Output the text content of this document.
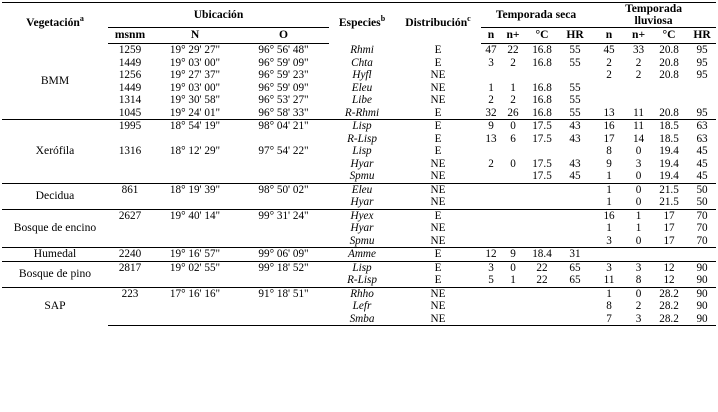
Vegetación$^a$	Ubicación			Especies$^b$	Distribución$^c$	Temporada seca				Temporada
lluviosa			
	msnm	N	O			n	n+	°C	HR	n	n+	°C	HR
BMM	1259	19° 29' 27"	96° 56' 48"	Rhmi	E	47	22	16.8	55	45	33	20.8	95
	1449	19° 03' 00"	96° 59' 09"	Chta	E	3	2	16.8	55	2	2	20.8	95
	1256	19° 27' 37"	96° 59' 23"	Hyfl	NE					2	2	20.8	95
	1449	19° 03' 00"	96° 59' 09"	Eleu	NE	1	1	16.8	55				
	1314	19° 30' 58"	96° 53' 27"	Libe	NE	2	2	16.8	55				
	1045	19° 24' 01"	96° 58' 33"	R-Rhmi	E	32	26	16.8	55	13	11	20.8	95
Xerófila	1995	18° 54' 19"	98° 04' 21"	Lisp	E	9	0	17.5	43	16	11	18.5	63
				R-Lisp	E	13	6	17.5	43	17	14	18.5	63
	1316	18° 12' 29"	97° 54' 22"	Lisp	E					8	0	19.4	45
				Hyar	NE	2	0	17.5	43	9	3	19.4	45
				Spmu	NE			17.5	45	1	0	19.4	45
Decidua	861	18° 19' 39"	98° 50' 02"	Eleu	NE					1	0	21.5	50
				Hyar	NE					1	0	21.5	50
Bosque de encino	2627	19° 40' 14"	99° 31' 24"	Hyex	E					16	1	17	70
				Hyar	NE					1	1	17	70
				Spmu	NE					3	0	17	70
Humedal	2240	19° 16' 57"	99° 06' 09"	Amme	E	12	9	18.4	31				
Bosque de pino	2817	19° 02' 55"	99° 18' 52"	Lisp	E	3	0	22	65	3	3	12	90
				R-Lisp	E	5	1	22	65	11	8	12	90
SAP	223	17° 16' 16"	91° 18' 51"	Rhho	NE					1	0	28.2	90
				Lefr	NE					8	2	28.2	90
				Smba	NE					7	3	28.2	90
